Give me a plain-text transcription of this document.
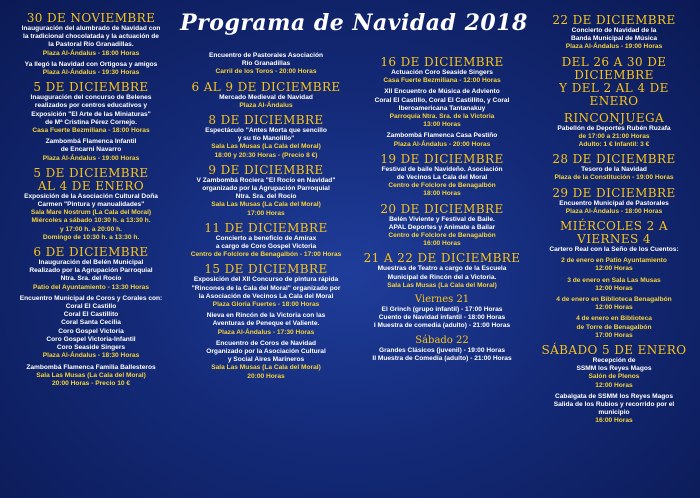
Programa de Navidad 2018
30 DE NOVIEMBRE
Inauguración del alumbrado de Navidad con
la tradicional chocolatada y la actuación de
la Pastoral Río Granadillas.
Plaza Al-Ándalus - 18:00 Horas
Ya llegó la Navidad con Ortigosa y amigos
Plaza Al-Ándalus - 19:30 Horas
5 DE DICIEMBRE
Inauguración del concurso de Belenes
realizados por centros educativos y
Exposición "El Arte de las Miniaturas"
de Mª Cristina Pérez Cornejo.
Casa Fuerte Bezmiliana - 18:00 Horas
Zambombá Flamenca Infantil
de Encarni Navarro
Plaza Al-Ándalus - 19:00 Horas
5 DE DICIEMBRE
AL 4 DE ENERO
Exposición de la Asociación Cultural Doña
Carmen "Pintura y manualidades"
Sala Mare Nostrum (La Cala del Moral)
Miércoles a sábado 10:30 h. a 13:30 h.
y 17:00 h. a 20:00 h.
Domingo de 10:30 h. a 13:30 h.
6 DE DICIEMBRE
Inauguración del Belén Municipal
Realizado por la Agrupación Parroquial
Ntra. Sra. del Rocío
Patio del Ayuntamiento - 13:30 Horas
Encuentro Municipal de Coros y Corales con:
Coral El Castillo
Coral El Castillito
Coral Santa Cecilia
Coro Gospel Victoria
Coro Gospel Victoria-Infantil
Coro Seaside Singers
Plaza Al-Ándalus - 18:30 Horas
Zambombá Flamenca Familia Ballesteros
Sala Las Musas (La Cala del Moral)
20:00 Horas - Precio 10 €
Encuentro de Pastorales Asociación
Río Granadillas
Carril de los Toros - 20:00 Horas
6 AL 9 DE DICIEMBRE
Mercado Medieval de Navidad
Plaza Al-Ándalus
8 DE DICIEMBRE
Espectáculo "Antes Morta que sencillo
y su tío Manolillo"
Sala Las Musas (La Cala del Moral)
18:00 y 20:30 Horas - (Precio 8 €)
9 DE DICIEMBRE
V Zambombá Rociera "El Rocío en Navidad"
organizado por la Agrupación Parroquial
Ntra. Sra. del Rocío
Sala Las Musas (La Cala del Moral)
17:00 Horas
11 DE DICIEMBRE
Concierto a beneficio de Amirax
a cargo de Coro Gospel Victoria
Centro de Folclore de Benagalbón - 17:00 Horas
15 DE DICIEMBRE
Exposición del XII Concurso de pintura rápida
"Rincones de la Cala del Moral" organizado por
la Asociación de Vecinos La Cala del Moral
Plaza Gloria Fuertes - 18:00 Horas
Nieva en Rincón de la Victoria con las
Aventuras de Peneque el Valiente.
Plaza Al-Ándalus - 17:30 Horas
Encuentro de Coros de Navidad
Organizado por la Asociación Cultural
y Social Aires Marineros
Sala Las Musas (La Cala del Moral)
20:00 Horas
16 DE DICIEMBRE
Actuación Coro Seaside Singers
Casa Fuerte Bezmiliana - 12:00 Horas
XII Encuentro de Música de Adviento
Coral El Castillo, Coral El Castillito, y Coral
Iberoamericana Tantanakuy
Parroquia Ntra. Sra. de la Victoria
13:00 Horas
Zambombá Flamenca Casa Pestiño
Plaza Al-Ándalus - 20:00 Horas
19 DE DICIEMBRE
Festival de baile Navideño. Asociación
de Vecinos La Cala del Moral
Centro de Folclore de Benagalbón
18:00 Horas
20 DE DICIEMBRE
Belén Viviente y Festival de Baile.
APAL Deportes y Animate a Bailar
Centro de Folclore de Benagalbón
16:00 Horas
21 A 22 DE DICIEMBRE
Muestras de Teatro a cargo de la Escuela
Municipal de Rincón del a Victoria.
Sala Las Musas (La Cala del Moral)
Viernes 21
El Grinch (grupo infantil) - 17:00 Horas
Cuento de Navidad infantil - 18:00 Horas
I Muestra de comedia (adulto) - 21:00 Horas
Sábado 22
Grandes Clásicos (juvenil) - 19:00 Horas
II Muestra de Comedia (adulto) - 21:00 Horas
22 DE DICIEMBRE
Concierto de Navidad de la
Banda Municipal de Música
Plaza Al-Ándalus - 19:00 Horas
DEL 26 A 30 DE DICIEMBRE
Y DEL 2 AL 4 DE ENERO
RINCONJUEGA
Pabellón de Deportes Rubén Ruzafa
de 17:00 a 21:00 Horas
Adulto: 1 € Infantil: 3 €
28 DE DICIEMBRE
Tesoro de la Navidad
Plaza de la Constitución - 19:00 Horas
29 DE DICIEMBRE
Encuentro Municipal de Pastorales
Plaza Al-Ándalus - 18:00 Horas
MIÉRCOLES 2 A VIERNES 4
Cartero Real con la Seño de los Cuentos:
2 de enero en Patio Ayuntamiento
12:00 Horas
3 de enero en Sala Las Musas
12:00 Horas
4 de enero en Biblioteca Benagalbón
12:00 Horas
4 de enero en Biblioteca
de Torre de Benagalbón
17:00 Horas
SÁBADO 5 DE ENERO
Recepción de
SSMM los Reyes Magos
Salón de Plenos
12:00 Horas
Cabalgata de SSMM los Reyes Magos
Salida de los Rubios y recorrido por el
municipio
16:00 Horas
